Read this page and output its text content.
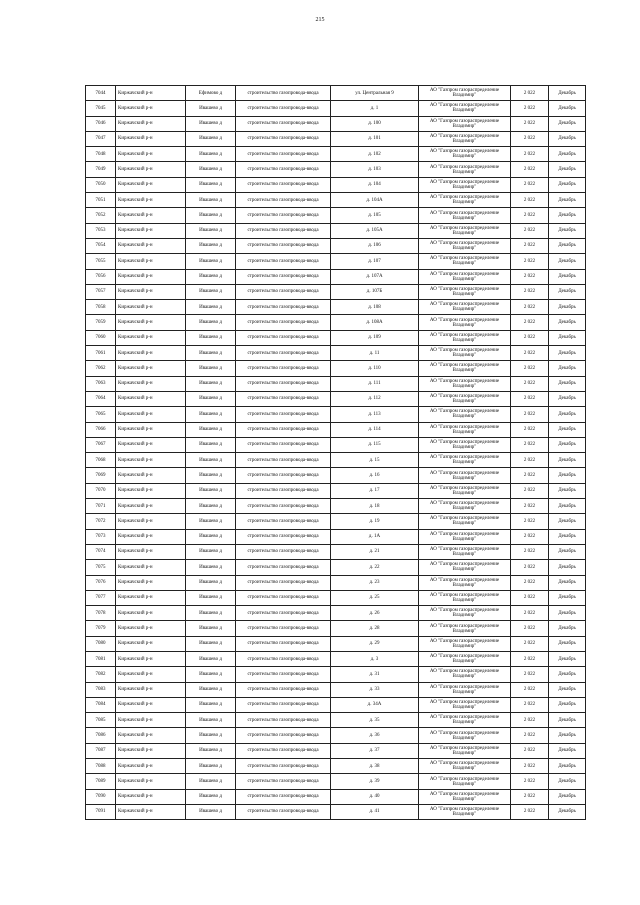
215
7044	Киржачский р-н	Ефимово д	строительство газопровода-ввода	ул. Центральная 9	АО "Газпром газораспределение Владимир"	2 022	Декабрь
7045	Киржачский р-н	Ивашево д	строительство газопровода-ввода	д. 1	АО "Газпром газораспределение Владимир"	2 022	Декабрь
7046	Киржачский р-н	Ивашево д	строительство газопровода-ввода	д. 100	АО "Газпром газораспределение Владимир"	2 022	Декабрь
7047	Киржачский р-н	Ивашево д	строительство газопровода-ввода	д. 101	АО "Газпром газораспределение Владимир"	2 022	Декабрь
7048	Киржачский р-н	Ивашево д	строительство газопровода-ввода	д. 102	АО "Газпром газораспределение Владимир"	2 022	Декабрь
7049	Киржачский р-н	Ивашево д	строительство газопровода-ввода	д. 103	АО "Газпром газораспределение Владимир"	2 022	Декабрь
7050	Киржачский р-н	Ивашево д	строительство газопровода-ввода	д. 104	АО "Газпром газораспределение Владимир"	2 022	Декабрь
7051	Киржачский р-н	Ивашево д	строительство газопровода-ввода	д. 104А	АО "Газпром газораспределение Владимир"	2 022	Декабрь
7052	Киржачский р-н	Ивашево д	строительство газопровода-ввода	д. 105	АО "Газпром газораспределение Владимир"	2 022	Декабрь
7053	Киржачский р-н	Ивашево д	строительство газопровода-ввода	д. 105А	АО "Газпром газораспределение Владимир"	2 022	Декабрь
7054	Киржачский р-н	Ивашево д	строительство газопровода-ввода	д. 106	АО "Газпром газораспределение Владимир"	2 022	Декабрь
7055	Киржачский р-н	Ивашево д	строительство газопровода-ввода	д. 107	АО "Газпром газораспределение Владимир"	2 022	Декабрь
7056	Киржачский р-н	Ивашево д	строительство газопровода-ввода	д. 107А	АО "Газпром газораспределение Владимир"	2 022	Декабрь
7057	Киржачский р-н	Ивашево д	строительство газопровода-ввода	д. 107Б	АО "Газпром газораспределение Владимир"	2 022	Декабрь
7058	Киржачский р-н	Ивашево д	строительство газопровода-ввода	д. 108	АО "Газпром газораспределение Владимир"	2 022	Декабрь
7059	Киржачский р-н	Ивашево д	строительство газопровода-ввода	д. 108А	АО "Газпром газораспределение Владимир"	2 022	Декабрь
7060	Киржачский р-н	Ивашево д	строительство газопровода-ввода	д. 109	АО "Газпром газораспределение Владимир"	2 022	Декабрь
7061	Киржачский р-н	Ивашево д	строительство газопровода-ввода	д. 11	АО "Газпром газораспределение Владимир"	2 022	Декабрь
7062	Киржачский р-н	Ивашево д	строительство газопровода-ввода	д. 110	АО "Газпром газораспределение Владимир"	2 022	Декабрь
7063	Киржачский р-н	Ивашево д	строительство газопровода-ввода	д. 111	АО "Газпром газораспределение Владимир"	2 022	Декабрь
7064	Киржачский р-н	Ивашево д	строительство газопровода-ввода	д. 112	АО "Газпром газораспределение Владимир"	2 022	Декабрь
7065	Киржачский р-н	Ивашево д	строительство газопровода-ввода	д. 113	АО "Газпром газораспределение Владимир"	2 022	Декабрь
7066	Киржачский р-н	Ивашево д	строительство газопровода-ввода	д. 114	АО "Газпром газораспределение Владимир"	2 022	Декабрь
7067	Киржачский р-н	Ивашево д	строительство газопровода-ввода	д. 115	АО "Газпром газораспределение Владимир"	2 022	Декабрь
7068	Киржачский р-н	Ивашево д	строительство газопровода-ввода	д. 15	АО "Газпром газораспределение Владимир"	2 022	Декабрь
7069	Киржачский р-н	Ивашево д	строительство газопровода-ввода	д. 16	АО "Газпром газораспределение Владимир"	2 022	Декабрь
7070	Киржачский р-н	Ивашево д	строительство газопровода-ввода	д. 17	АО "Газпром газораспределение Владимир"	2 022	Декабрь
7071	Киржачский р-н	Ивашево д	строительство газопровода-ввода	д. 18	АО "Газпром газораспределение Владимир"	2 022	Декабрь
7072	Киржачский р-н	Ивашево д	строительство газопровода-ввода	д. 19	АО "Газпром газораспределение Владимир"	2 022	Декабрь
7073	Киржачский р-н	Ивашево д	строительство газопровода-ввода	д. 1А	АО "Газпром газораспределение Владимир"	2 022	Декабрь
7074	Киржачский р-н	Ивашево д	строительство газопровода-ввода	д. 21	АО "Газпром газораспределение Владимир"	2 022	Декабрь
7075	Киржачский р-н	Ивашево д	строительство газопровода-ввода	д. 22	АО "Газпром газораспределение Владимир"	2 022	Декабрь
7076	Киржачский р-н	Ивашево д	строительство газопровода-ввода	д. 23	АО "Газпром газораспределение Владимир"	2 022	Декабрь
7077	Киржачский р-н	Ивашево д	строительство газопровода-ввода	д. 25	АО "Газпром газораспределение Владимир"	2 022	Декабрь
7078	Киржачский р-н	Ивашево д	строительство газопровода-ввода	д. 26	АО "Газпром газораспределение Владимир"	2 022	Декабрь
7079	Киржачский р-н	Ивашево д	строительство газопровода-ввода	д. 28	АО "Газпром газораспределение Владимир"	2 022	Декабрь
7080	Киржачский р-н	Ивашево д	строительство газопровода-ввода	д. 29	АО "Газпром газораспределение Владимир"	2 022	Декабрь
7081	Киржачский р-н	Ивашево д	строительство газопровода-ввода	д. 3	АО "Газпром газораспределение Владимир"	2 022	Декабрь
7082	Киржачский р-н	Ивашево д	строительство газопровода-ввода	д. 31	АО "Газпром газораспределение Владимир"	2 022	Декабрь
7083	Киржачский р-н	Ивашево д	строительство газопровода-ввода	д. 33	АО "Газпром газораспределение Владимир"	2 022	Декабрь
7084	Киржачский р-н	Ивашево д	строительство газопровода-ввода	д. 34А	АО "Газпром газораспределение Владимир"	2 022	Декабрь
7085	Киржачский р-н	Ивашево д	строительство газопровода-ввода	д. 35	АО "Газпром газораспределение Владимир"	2 022	Декабрь
7086	Киржачский р-н	Ивашево д	строительство газопровода-ввода	д. 36	АО "Газпром газораспределение Владимир"	2 022	Декабрь
7087	Киржачский р-н	Ивашево д	строительство газопровода-ввода	д. 37	АО "Газпром газораспределение Владимир"	2 022	Декабрь
7088	Киржачский р-н	Ивашево д	строительство газопровода-ввода	д. 38	АО "Газпром газораспределение Владимир"	2 022	Декабрь
7089	Киржачский р-н	Ивашево д	строительство газопровода-ввода	д. 39	АО "Газпром газораспределение Владимир"	2 022	Декабрь
7090	Киржачский р-н	Ивашево д	строительство газопровода-ввода	д. 40	АО "Газпром газораспределение Владимир"	2 022	Декабрь
7091	Киржачский р-н	Ивашево д	строительство газопровода-ввода	д. 41	АО "Газпром газораспределение Владимир"	2 022	Декабрь
